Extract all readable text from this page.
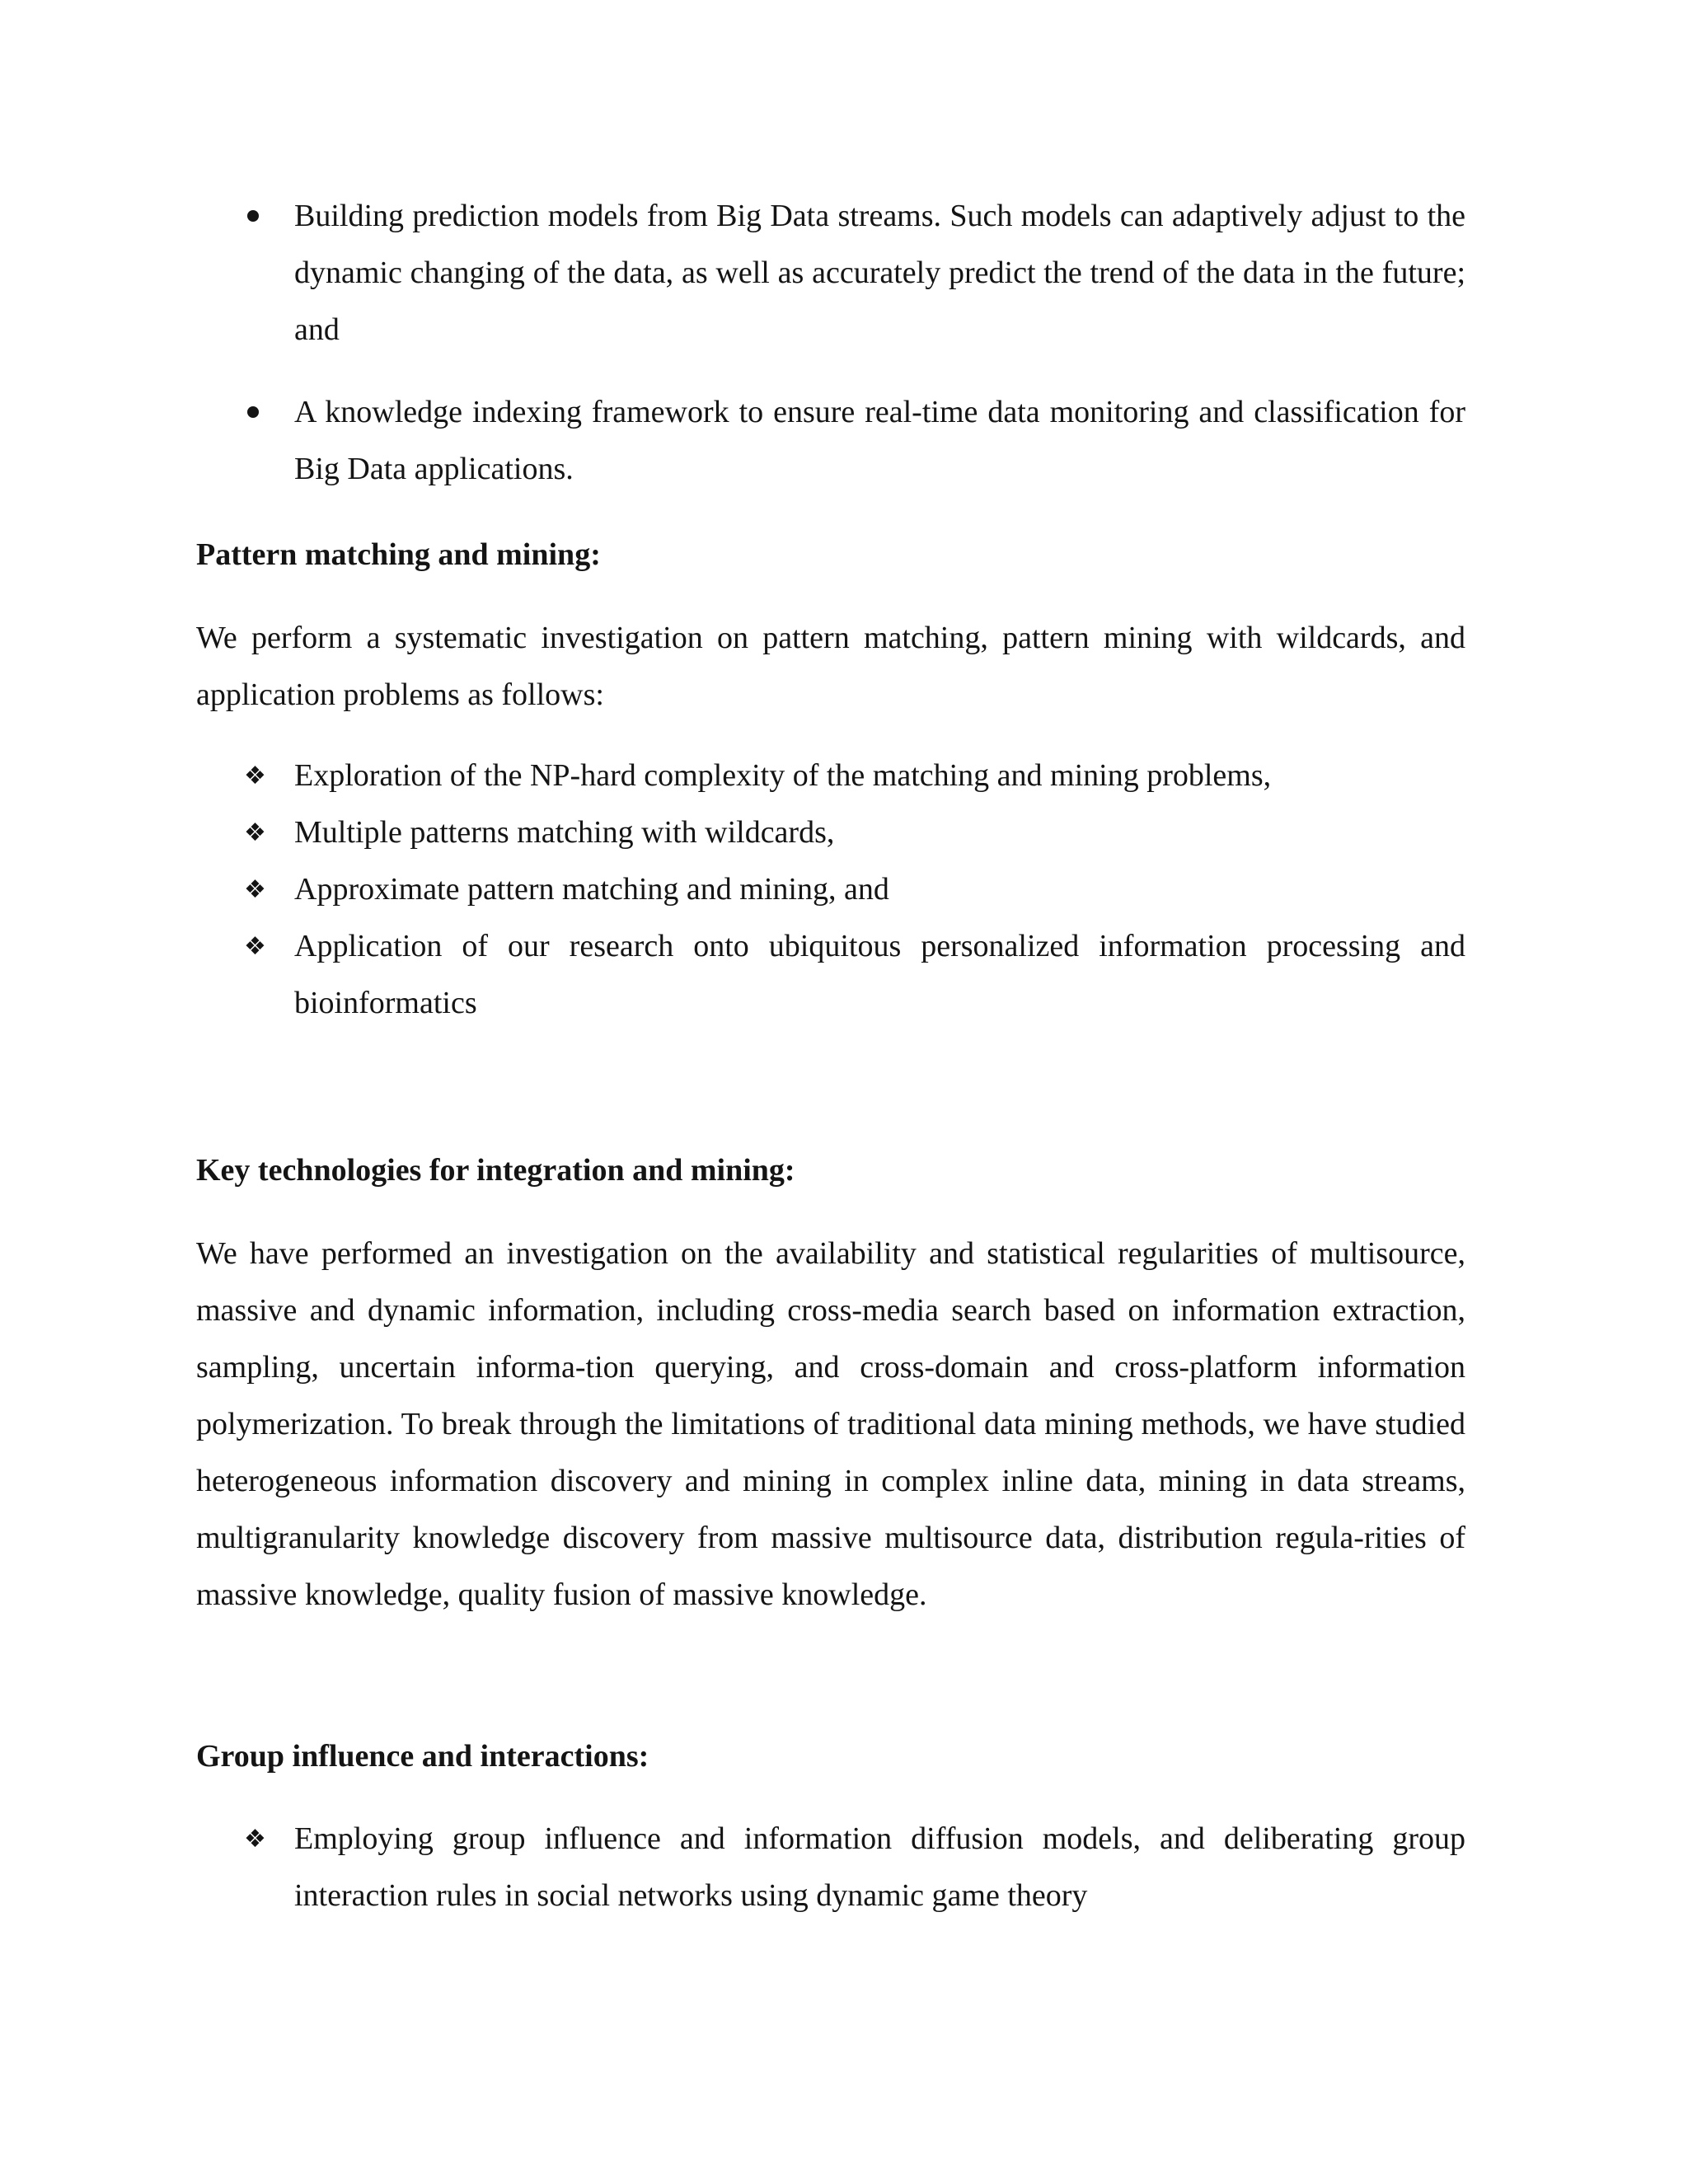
Building prediction models from Big Data streams. Such models can adaptively adjust to the dynamic changing of the data, as well as accurately predict the trend of the data in the future; and
A knowledge indexing framework to ensure real-time data monitoring and classification for Big Data applications.
Pattern matching and mining:
We perform a systematic investigation on pattern matching, pattern mining with wildcards, and application problems as follows:
❖ Exploration of the NP-hard complexity of the matching and mining problems,
❖ Multiple patterns matching with wildcards,
❖ Approximate pattern matching and mining, and
❖ Application of our research onto ubiquitous personalized information processing and bioinformatics
Key technologies for integration and mining:
We have performed an investigation on the availability and statistical regularities of multisource, massive and dynamic information, including cross-media search based on information extraction, sampling, uncertain informa-tion querying, and cross-domain and cross-platform information polymerization. To break through the limitations of traditional data mining methods, we have studied heterogeneous information discovery and mining in complex inline data, mining in data streams, multigranularity knowledge discovery from massive multisource data, distribution regula-rities of massive knowledge, quality fusion of massive knowledge.
Group influence and interactions:
❖ Employing group influence and information diffusion models, and deliberating group interaction rules in social networks using dynamic game theory
